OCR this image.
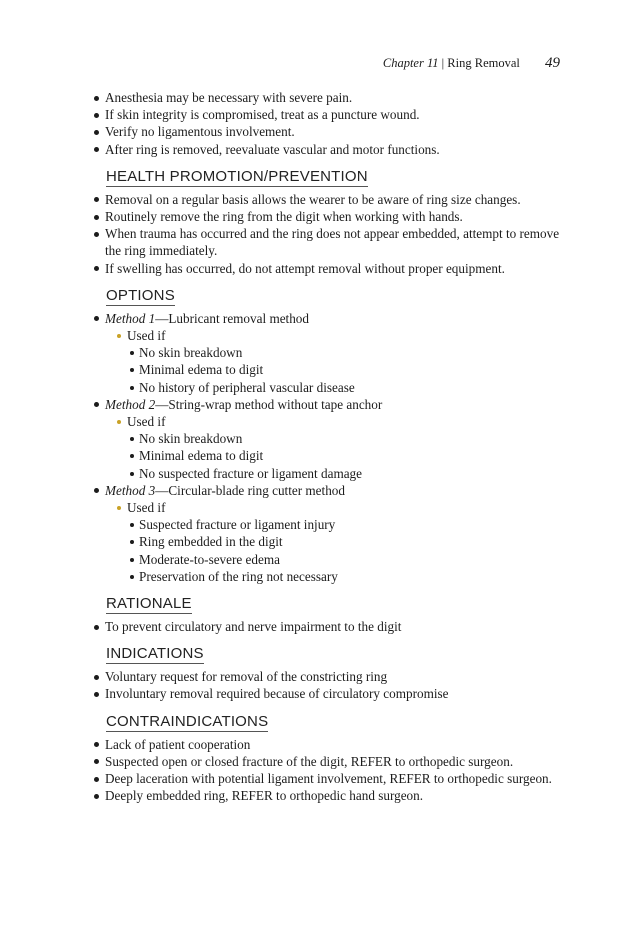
Chapter 11 | Ring Removal 49
Anesthesia may be necessary with severe pain.
If skin integrity is compromised, treat as a puncture wound.
Verify no ligamentous involvement.
After ring is removed, reevaluate vascular and motor functions.
HEALTH PROMOTION/PREVENTION
Removal on a regular basis allows the wearer to be aware of ring size changes.
Routinely remove the ring from the digit when working with hands.
When trauma has occurred and the ring does not appear embedded, attempt to remove the ring immediately.
If swelling has occurred, do not attempt removal without proper equipment.
OPTIONS
Method 1—Lubricant removal method
Used if
No skin breakdown
Minimal edema to digit
No history of peripheral vascular disease
Method 2—String-wrap method without tape anchor
Used if
No skin breakdown
Minimal edema to digit
No suspected fracture or ligament damage
Method 3—Circular-blade ring cutter method
Used if
Suspected fracture or ligament injury
Ring embedded in the digit
Moderate-to-severe edema
Preservation of the ring not necessary
RATIONALE
To prevent circulatory and nerve impairment to the digit
INDICATIONS
Voluntary request for removal of the constricting ring
Involuntary removal required because of circulatory compromise
CONTRAINDICATIONS
Lack of patient cooperation
Suspected open or closed fracture of the digit, REFER to orthopedic surgeon.
Deep laceration with potential ligament involvement, REFER to orthopedic surgeon.
Deeply embedded ring, REFER to orthopedic hand surgeon.
